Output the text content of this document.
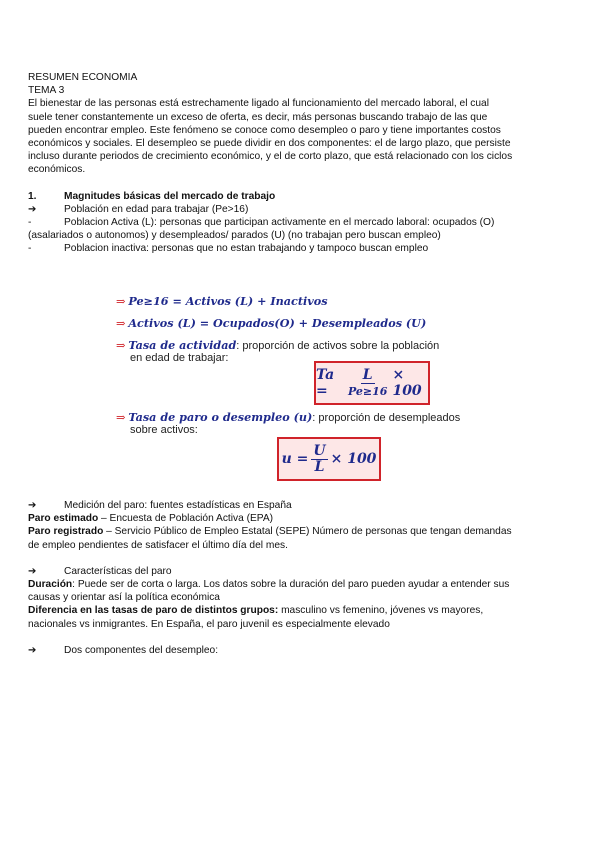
RESUMEN ECONOMIA
TEMA 3
El bienestar de las personas está estrechamente ligado al funcionamiento del mercado laboral, el cual
suele tener constantemente un exceso de oferta, es decir, más personas buscando trabajo de las que
pueden encontrar empleo. Este fenómeno se conoce como desempleo o paro y tiene importantes costos
económicos y sociales. El desempleo se puede dividir en dos componentes: el de largo plazo, que persiste
incluso durante periodos de crecimiento económico, y el de corto plazo, que está relacionado con los ciclos
económicos.
1.	Magnitudes básicas del mercado de trabajo
➔	Población en edad para trabajar (Pe>16)
-	Poblacion Activa (L): personas que participan activamente en el mercado laboral: ocupados (O)
(asalariados o autonomos) y desempleados/ parados (U) (no trabajan pero buscan empleo)
-	Poblacion inactiva: personas que no estan trabajando y tampoco buscan empleo
⇒ Pe≥16 = Activos (L) + Inactivos
⇒ Activos (L) = Ocupados(O) + Desempleados (U)
⇒ Tasa de actividad: proporción de activos sobre la población
en edad de trabajar:
Ta =	$\frac{L}{Pe\ge 16} \times 100$
⇒ Tasa de paro o desempleo (u): proporción de desempleados
sobre activos:
$u = \frac{U}{L} \times 100$
➔	Medición del paro: fuentes estadísticas en España
Paro estimado – Encuesta de Población Activa (EPA)
Paro registrado – Servicio Público de Empleo Estatal (SEPE) Número de personas que tengan demandas
de empleo pendientes de satisfacer el último día del mes.
➔	Características del paro
Duración: Puede ser de corta o larga. Los datos sobre la duración del paro pueden ayudar a entender sus
causas y orientar así la política económica
Diferencia en las tasas de paro de distintos grupos: masculino vs femenino, jóvenes vs mayores,
nacionales vs inmigrantes. En España, el paro juvenil es especialmente elevado
➔	Dos componentes del desempleo:
